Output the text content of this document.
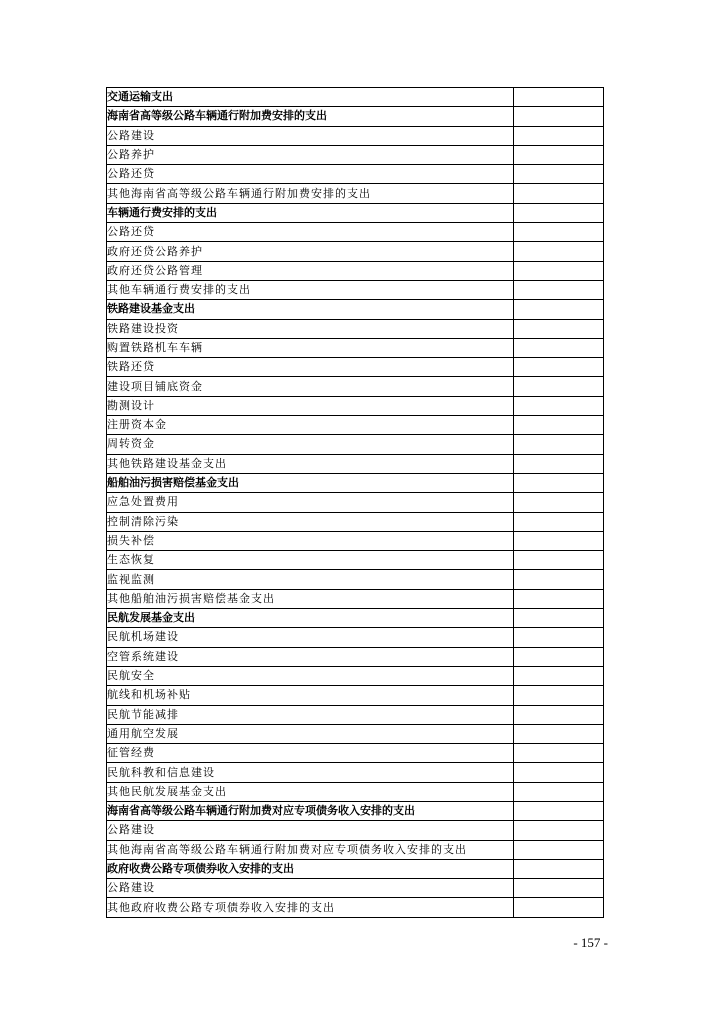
交通运输支出	
海南省高等级公路车辆通行附加费安排的支出	
公路建设	
公路养护	
公路还贷	
其他海南省高等级公路车辆通行附加费安排的支出	
车辆通行费安排的支出	
公路还贷	
政府还贷公路养护	
政府还贷公路管理	
其他车辆通行费安排的支出	
铁路建设基金支出	
铁路建设投资	
购置铁路机车车辆	
铁路还贷	
建设项目铺底资金	
勘测设计	
注册资本金	
周转资金	
其他铁路建设基金支出	
船舶油污损害赔偿基金支出	
应急处置费用	
控制清除污染	
损失补偿	
生态恢复	
监视监测	
其他船舶油污损害赔偿基金支出	
民航发展基金支出	
民航机场建设	
空管系统建设	
民航安全	
航线和机场补贴	
民航节能减排	
通用航空发展	
征管经费	
民航科教和信息建设	
其他民航发展基金支出	
海南省高等级公路车辆通行附加费对应专项债务收入安排的支出	
公路建设	
其他海南省高等级公路车辆通行附加费对应专项债务收入安排的支出	
政府收费公路专项债券收入安排的支出	
公路建设	
其他政府收费公路专项债券收入安排的支出	
- 157 -
